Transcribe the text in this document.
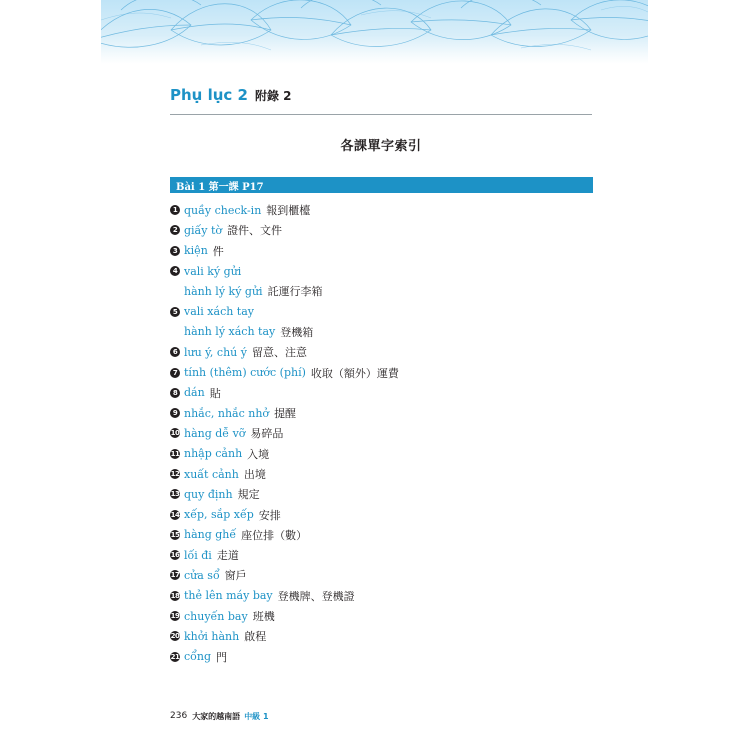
Phụ lục 2 附錄 2
各課單字索引
Bài 1 第一課 P17
1 quầy check-in 報到櫃檯
2 giấy tờ 證件、文件
3 kiện 件
4 vali ký gửi
hành lý ký gửi 託運行李箱
5 vali xách tay
hành lý xách tay 登機箱
6 lưu ý, chú ý 留意、注意
7 tính (thêm) cước (phí) 收取（額外）運費
8 dán 貼
9 nhắc, nhắc nhở 提醒
10 hàng dễ vỡ 易碎品
11 nhập cảnh 入境
12 xuất cảnh 出境
13 quy định 規定
14 xếp, sắp xếp 安排
15 hàng ghế 座位排（數）
16 lối đi 走道
17 cửa sổ 窗戶
18 thẻ lên máy bay 登機牌、登機證
19 chuyến bay 班機
20 khởi hành 啟程
21 cổng 門
236 大家的越南語 中級 1
